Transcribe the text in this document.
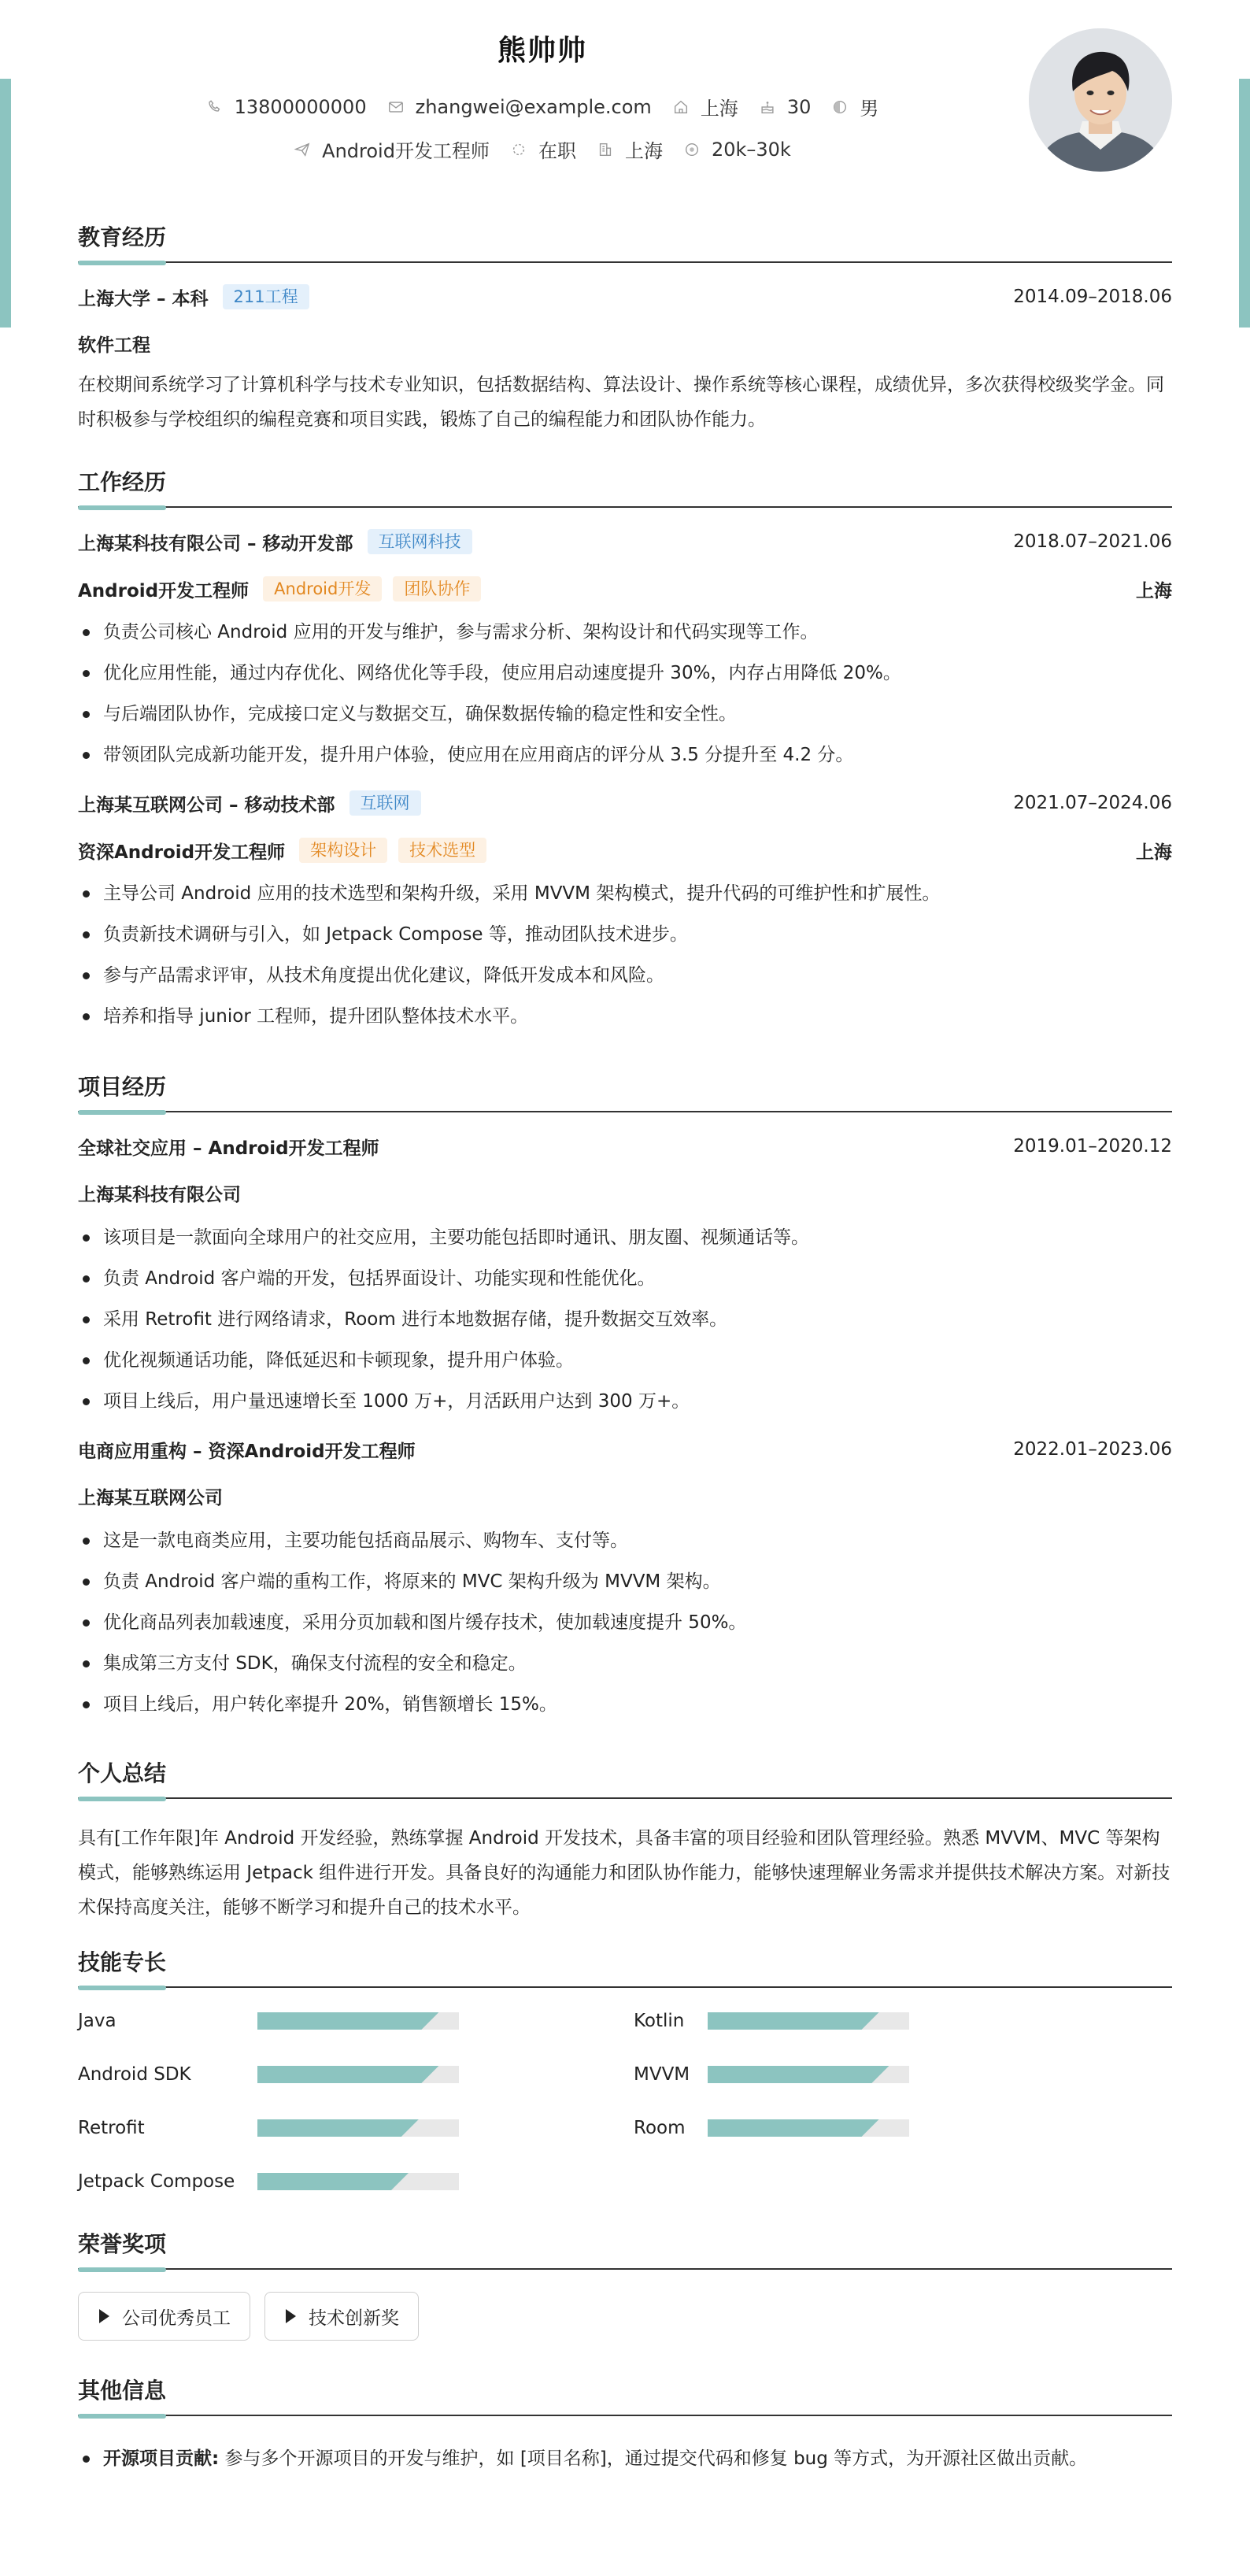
熊帅帅
13800000000	zhangwei@example.com	上海	30	男
Android开发工程师	在职	上海	20k–30k
教育经历
上海大学 – 本科	211工程	2014.09–2018.06
软件工程
在校期间系统学习了计算机科学与技术专业知识，包括数据结构、算法设计、操作系统等核心课程，成绩优异，多次获得校级奖学金。同时积极参与学校组织的编程竞赛和项目实践，锻炼了自己的编程能力和团队协作能力。
工作经历
上海某科技有限公司 – 移动开发部	互联网科技	2018.07–2021.06
Android开发工程师	Android开发	团队协作	上海
负责公司核心 Android 应用的开发与维护，参与需求分析、架构设计和代码实现等工作。
优化应用性能，通过内存优化、网络优化等手段，使应用启动速度提升 30%，内存占用降低 20%。
与后端团队协作，完成接口定义与数据交互，确保数据传输的稳定性和安全性。
带领团队完成新功能开发，提升用户体验，使应用在应用商店的评分从 3.5 分提升至 4.2 分。
上海某互联网公司 – 移动技术部	互联网	2021.07–2024.06
资深Android开发工程师	架构设计	技术选型	上海
主导公司 Android 应用的技术选型和架构升级，采用 MVVM 架构模式，提升代码的可维护性和扩展性。
负责新技术调研与引入，如 Jetpack Compose 等，推动团队技术进步。
参与产品需求评审，从技术角度提出优化建议，降低开发成本和风险。
培养和指导 junior 工程师，提升团队整体技术水平。
项目经历
全球社交应用 – Android开发工程师	2019.01–2020.12
上海某科技有限公司
该项目是一款面向全球用户的社交应用，主要功能包括即时通讯、朋友圈、视频通话等。
负责 Android 客户端的开发，包括界面设计、功能实现和性能优化。
采用 Retrofit 进行网络请求，Room 进行本地数据存储，提升数据交互效率。
优化视频通话功能，降低延迟和卡顿现象，提升用户体验。
项目上线后，用户量迅速增长至 1000 万+，月活跃用户达到 300 万+。
电商应用重构 – 资深Android开发工程师	2022.01–2023.06
上海某互联网公司
这是一款电商类应用，主要功能包括商品展示、购物车、支付等。
负责 Android 客户端的重构工作，将原来的 MVC 架构升级为 MVVM 架构。
优化商品列表加载速度，采用分页加载和图片缓存技术，使加载速度提升 50%。
集成第三方支付 SDK，确保支付流程的安全和稳定。
项目上线后，用户转化率提升 20%，销售额增长 15%。
个人总结
具有[工作年限]年 Android 开发经验，熟练掌握 Android 开发技术，具备丰富的项目经验和团队管理经验。熟悉 MVVM、MVC 等架构模式，能够熟练运用 Jetpack 组件进行开发。具备良好的沟通能力和团队协作能力，能够快速理解业务需求并提供技术解决方案。对新技术保持高度关注，能够不断学习和提升自己的技术水平。
技能专长
Java	Kotlin
Android SDK	MVVM
Retrofit	Room
Jetpack Compose
荣誉奖项
公司优秀员工	技术创新奖
其他信息
开源项目贡献: 参与多个开源项目的开发与维护，如 [项目名称]，通过提交代码和修复 bug 等方式，为开源社区做出贡献。
